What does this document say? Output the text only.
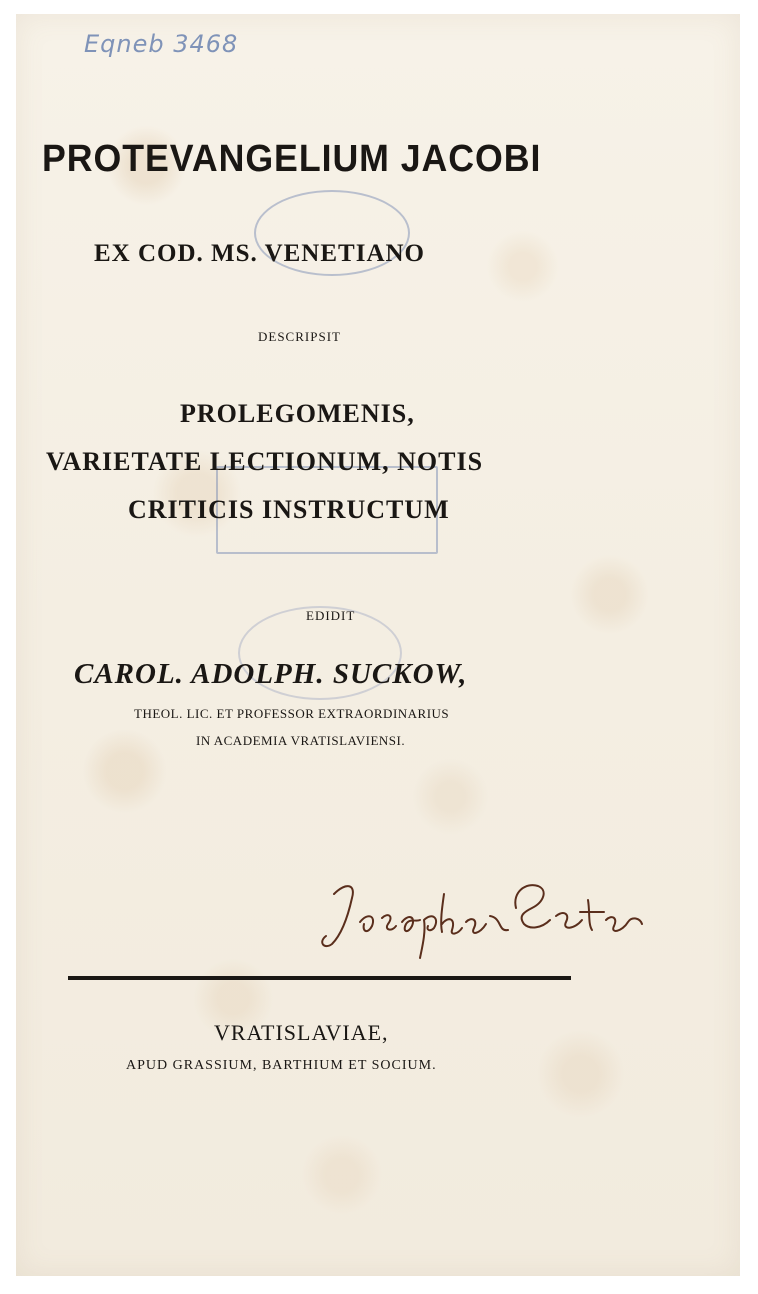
Eqneb 3468
PROTEVANGELIUM JACOBI
EX COD. MS. VENETIANO
DESCRIPSIT
PROLEGOMENIS,
VARIETATE LECTIONUM, NOTIS
CRITICIS INSTRUCTUM
EDIDIT
CAROL. ADOLPH. SUCKOW,
THEOL. LIC. ET PROFESSOR EXTRAORDINARIUS
IN ACADEMIA VRATISLAVIENSI.
VRATISLAVIAE,
APUD GRASSIUM, BARTHIUM ET SOCIUM.
